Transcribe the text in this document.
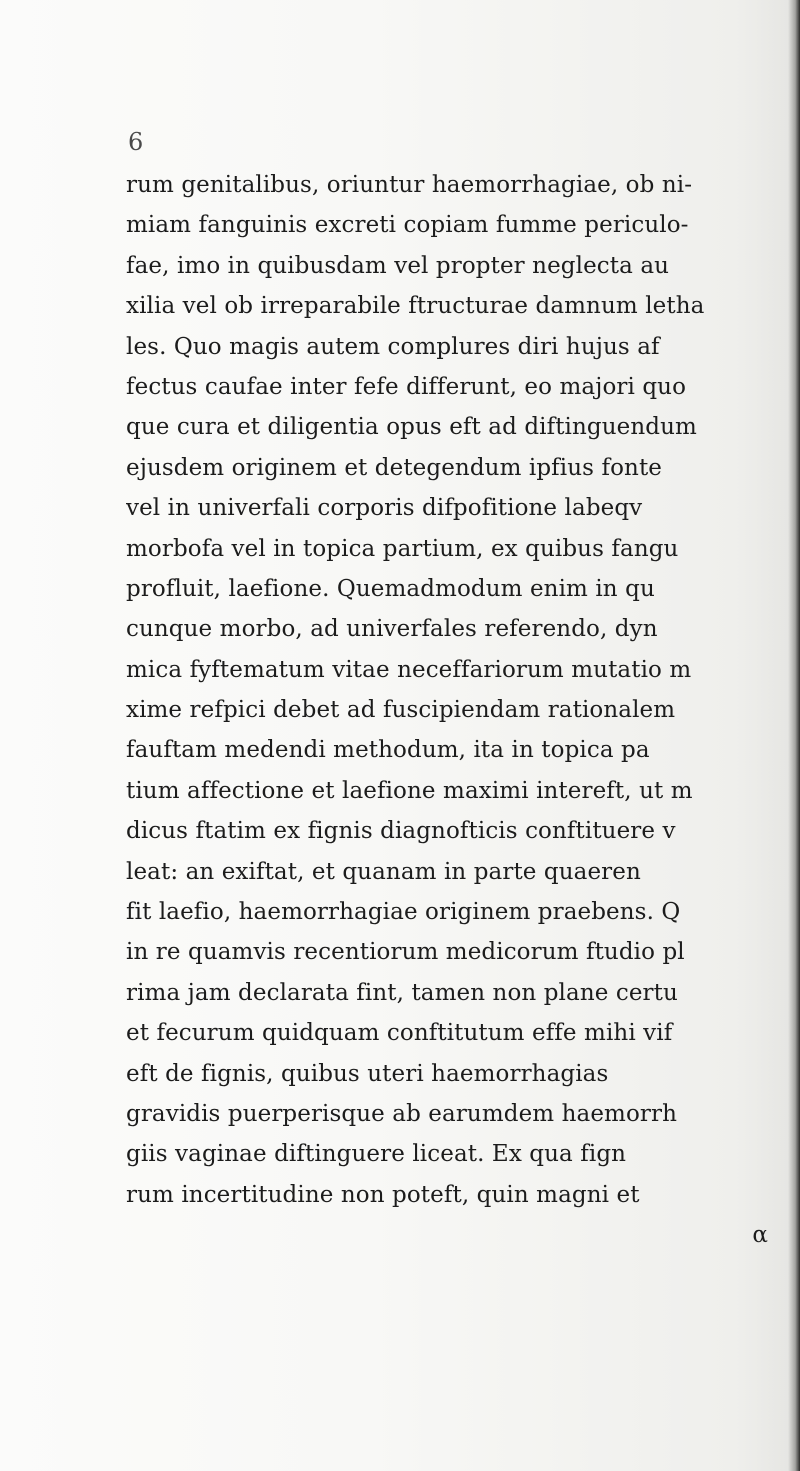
6
rum genitalibus, oriuntur haemorrhagiae, ob ni-
miam fanguinis excreti copiam fumme periculo-
fae, imo in quibusdam vel propter neglecta au
xilia vel ob irreparabile ftructurae damnum letha
les. Quo magis autem complures diri hujus af
fectus caufae inter fefe differunt, eo majori quo
que cura et diligentia opus eft ad diftinguendum
ejusdem originem et detegendum ipfius fonte
vel in univerfali corporis difpofitione labeqv
morbofa vel in topica partium, ex quibus fangu
profluit, laefione. Quemadmodum enim in qu
cunque morbo, ad univerfales referendo, dyn
mica fyftematum vitae neceffariorum mutatio m
xime refpici debet ad fuscipiendam rationalem
fauftam medendi methodum, ita in topica pa
tium affectione et laefione maximi intereft, ut m
dicus ftatim ex fignis diagnofticis conftituere v
leat: an exiftat, et quanam in parte quaeren
fit laefio, haemorrhagiae originem praebens. Q
in re quamvis recentiorum medicorum ftudio pl
rima jam declarata fint, tamen non plane certu
et fecurum quidquam conftitutum effe mihi vif
eft de fignis, quibus uteri haemorrhagias
gravidis puerperisque ab earumdem haemorrh
giis vaginae diftinguere liceat. Ex qua fign
rum incertitudine non poteft, quin magni et
α
